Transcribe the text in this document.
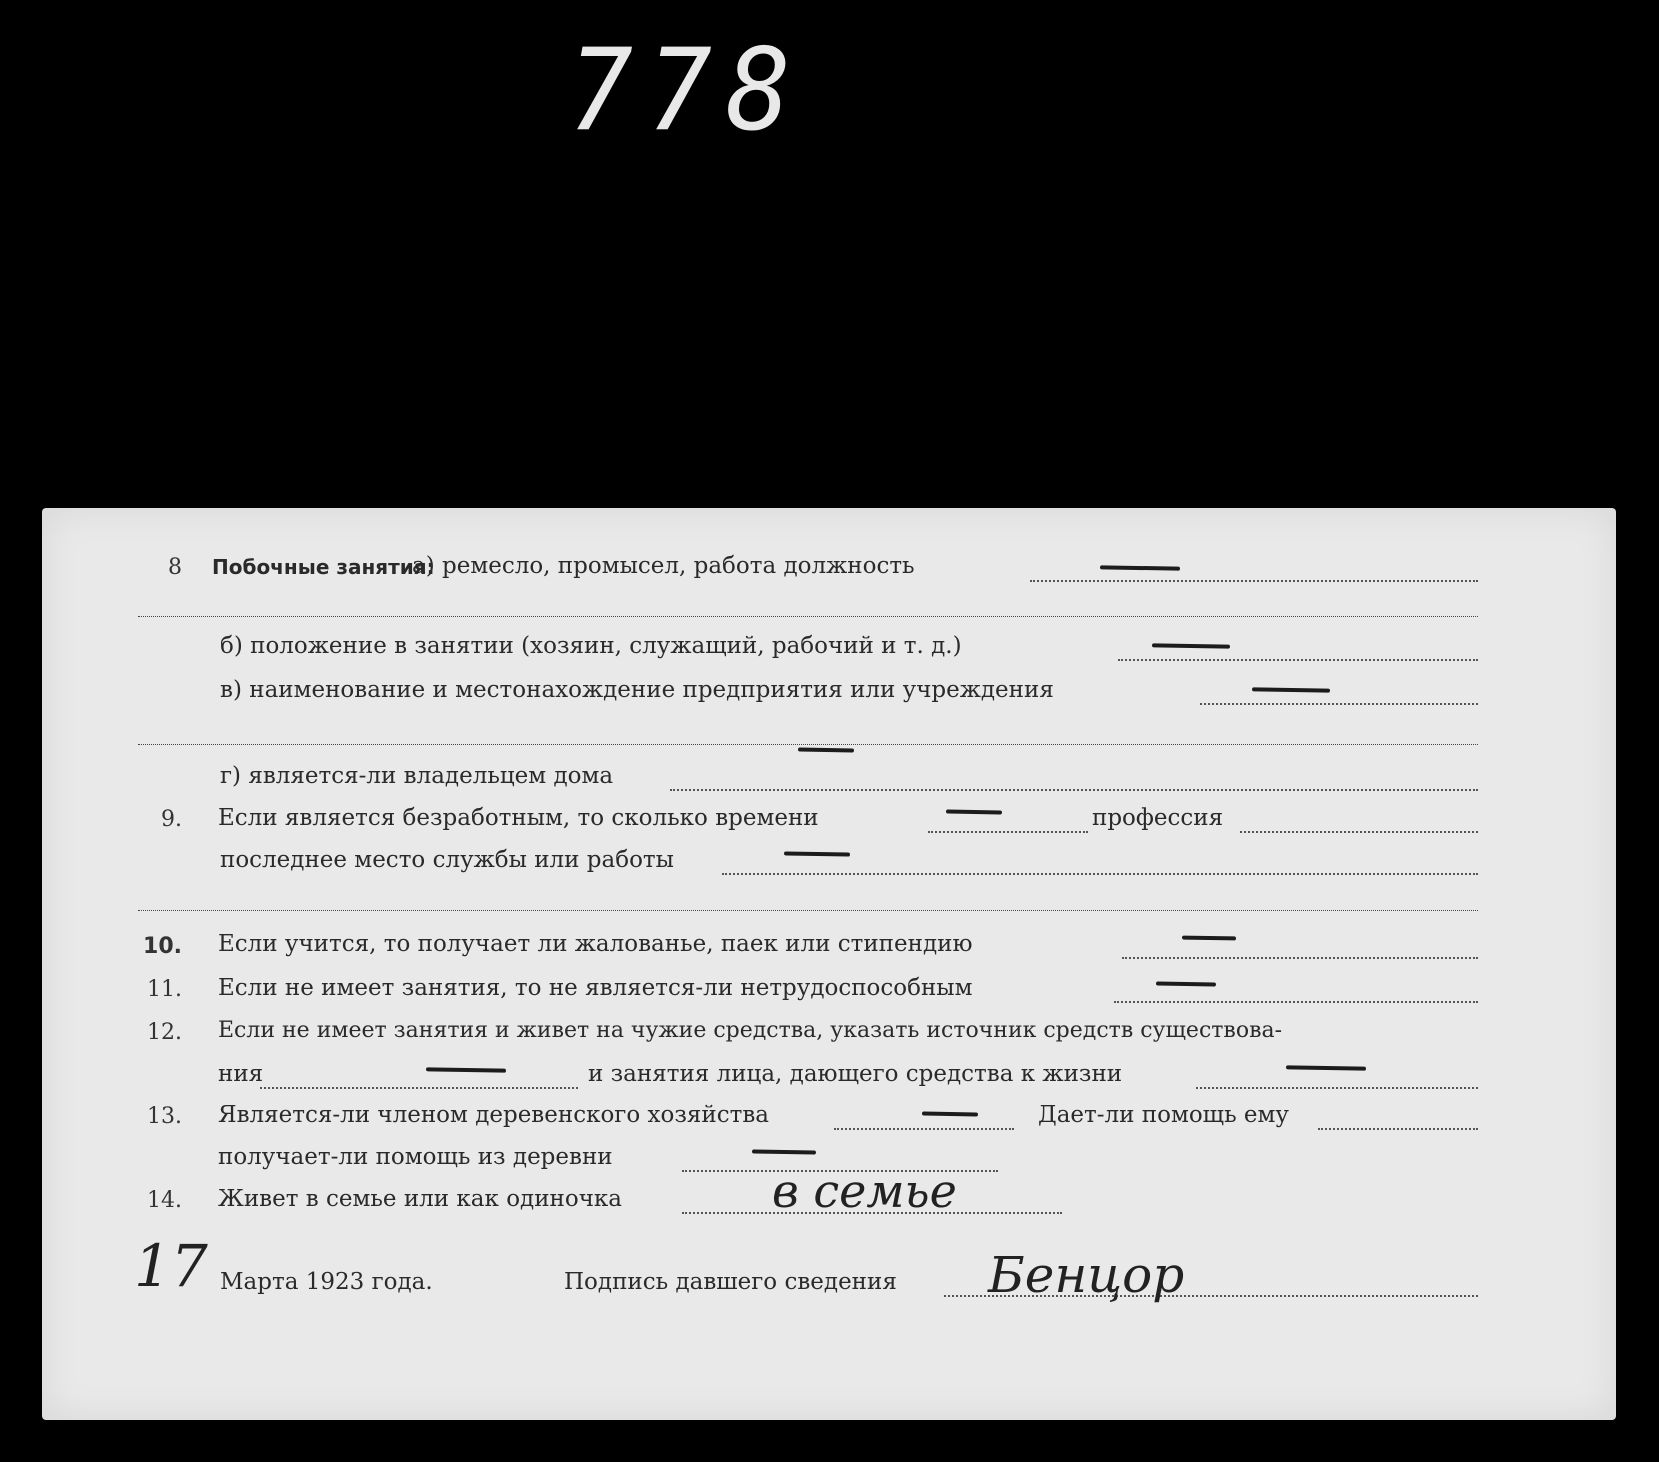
778
8 Побочные занятия:
а) ремесло, промысел, работа должность
б) положение в занятии (хозяин, служащий, рабочий и т. д.)
в) наименование и местонахождение предприятия или учреждения
г) является-ли владельцем дома
9. Если является безработным, то сколько времени	профессия
последнее место службы или работы
10. Если учится, то получает ли жалованье, паек или стипендию
11. Если не имеет занятия, то не является-ли нетрудоспособным
12. Если не имеет занятия и живет на чужие средства, указать источник средств существова-
ния	и занятия лица, дающего средства к жизни
13. Является-ли членом деревенского хозяйства	Дает-ли помощь ему
получает-ли помощь из деревни
14. Живет в семье или как одиночка	в семье
17 Марта 1923 года.	Подпись давшего сведения Бенцор
